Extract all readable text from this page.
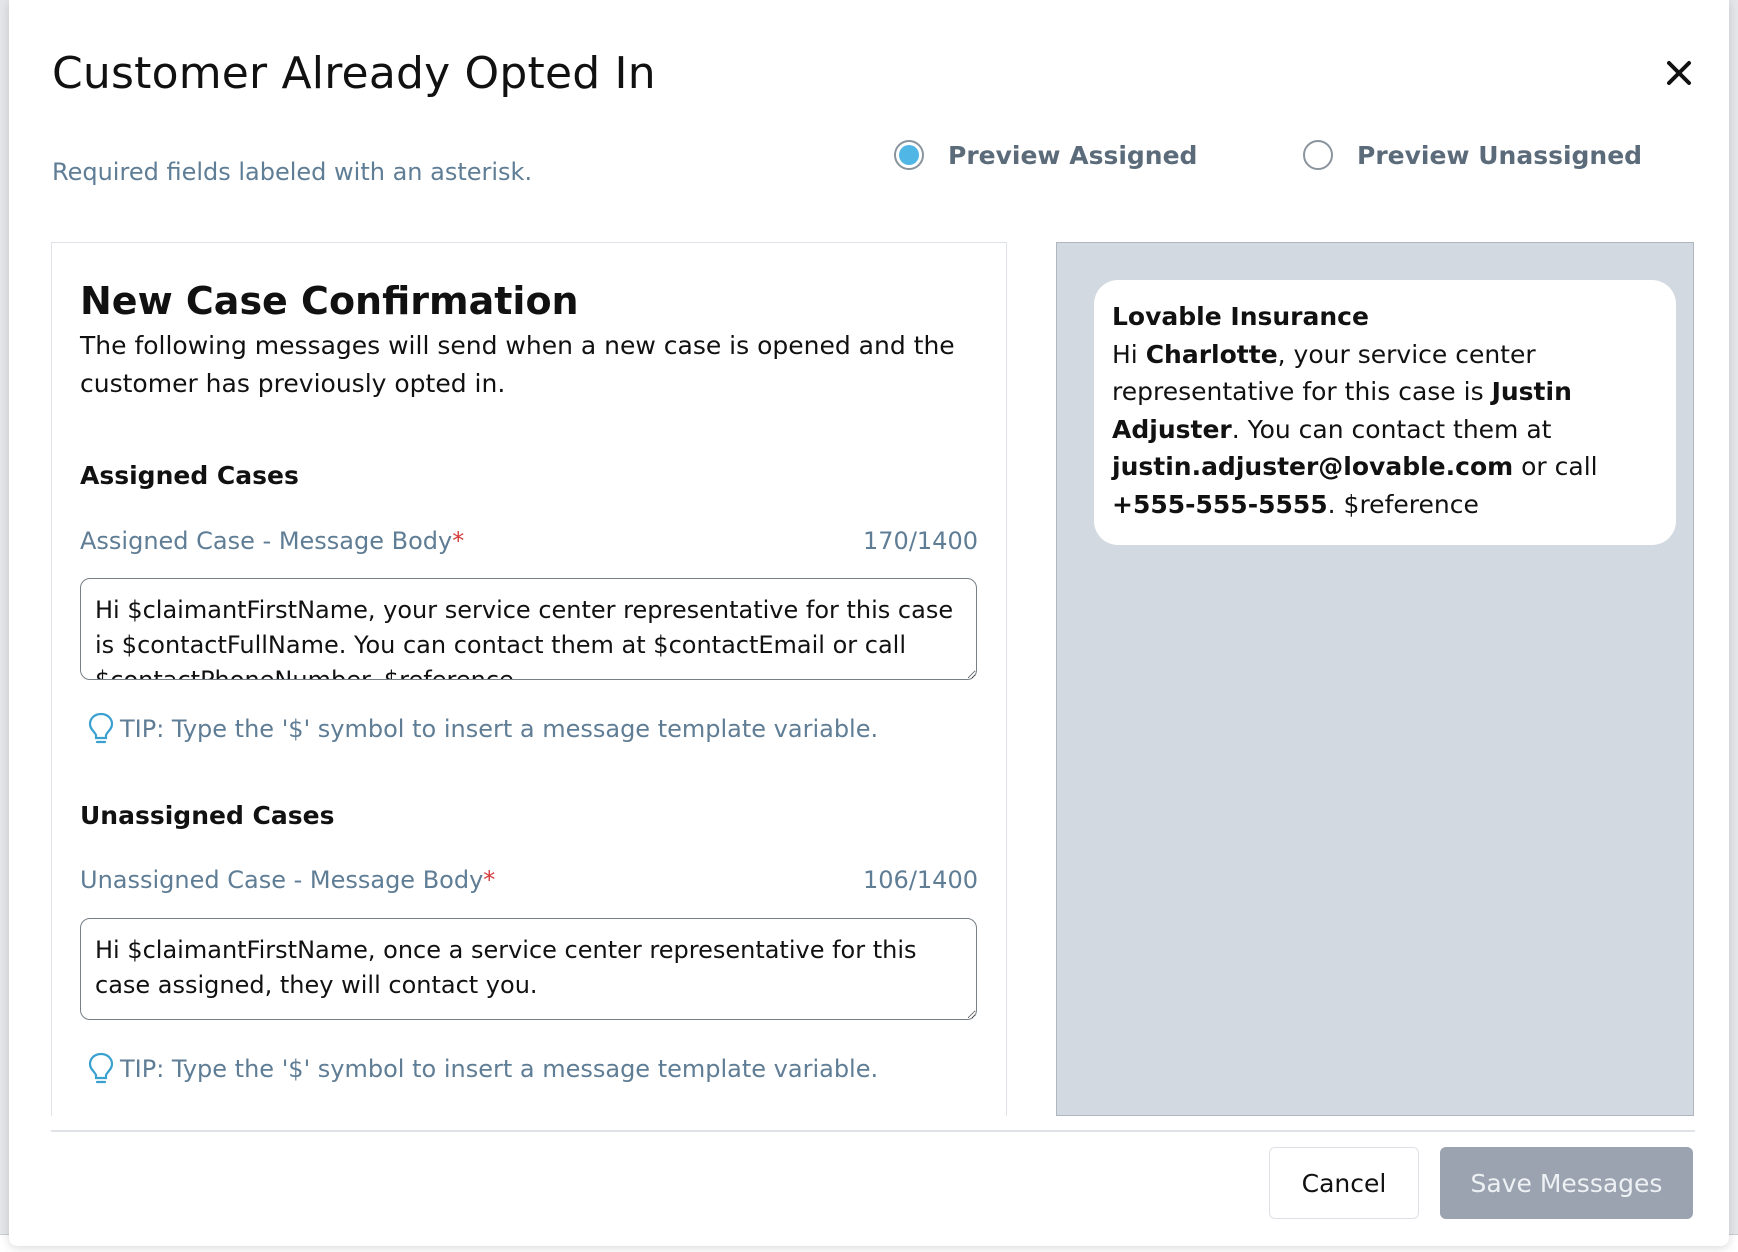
Customer Already Opted In

Required fields labeled with an asterisk.

Preview Assigned	Preview Unassigned
New Case Confirmation

The following messages will send when a new case is opened and the customer has previously opted in.

Assigned Cases
Assigned Case - Message Body*	170/1400
Hi $claimantFirstName, your service center representative for this case is $contactFullName. You can contact them at $contactEmail or call $contactPhoneNumber. $reference
TIP: Type the '$' symbol to insert a message template variable.
Unassigned Cases
Unassigned Case - Message Body*	106/1400
Hi $claimantFirstName, once a service center representative for this case assigned, they will contact you.
TIP: Type the '$' symbol to insert a message template variable.
Lovable Insurance
Hi Charlotte, your service center representative for this case is Justin Adjuster. You can contact them at justin.adjuster@lovable.com or call +555-555-5555. $reference
Cancel	Save Messages
